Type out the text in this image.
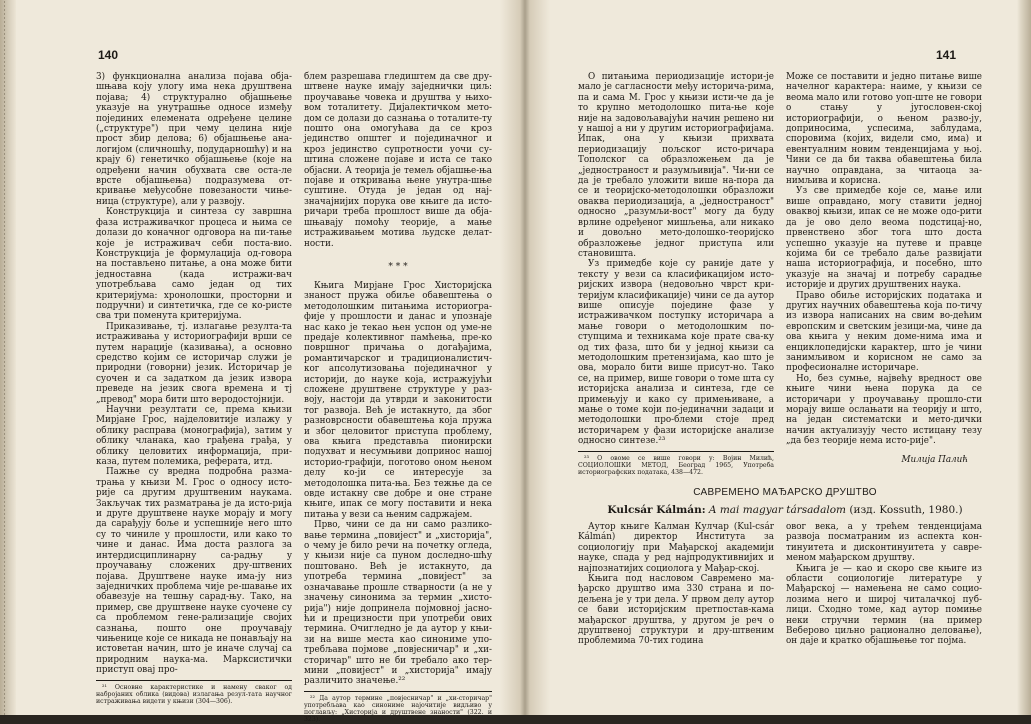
140

3) функционална анализа појава обја-шњава коју улогу има нека друштвена појава; 4) структурално објашњење указује на унутрашње односе између појединих елемената одређене целине („структуре") при чему целина није прост збир делова; 6) објашњење ана-логијом (сличношћу, подударношћу) и на крају 6) генетичко објашњење (које на одређени начин обухвата све оста-ле врсте објашњења) подразумева от-кривање међусобне повезаности чиње-ница (структуре), али у развоју.

Конструкција и синтеза су завршна фаза истраживачког процеса и њима се долази до коначног одговора на пи-тање које је истраживач себи поста-вио. Конструкција је формулација од-говора на постављено питање, а она може бити једноставна (када истражи-вач употребљава само један од тих критеријума: хронолошки, просторни и подручни) и синтетичка, где се ко-ристе сва три поменута критеријума.

Приказивање, тј. излагање резулта-та истраживања у историографији врши се путем нарације (казивања), а основно средство којим се историчар служи је природни (говорни) језик. Историчар је суочен и са задатком да језик извора преведе на језик свога времена и тј „превод" мора бити што веродостојнији.

Научни резултати се, према књизи Мирјане Грос, најделовитије излажу у облику расправа (монографија), затим у облику чланака, као грађена грађа, у облику целовитих информација, при-каза, путем полемика, реферата, итд.

Пажње су вредна подробна разма-трања у књизи М. Грос о односу исто-рије са другим друштвеним наукама. Закључак тих разматрања је да исто-рија и друге друштвене науке морају и могу да сарађују боље и успешније него што су то чиниле у прошлости, или како то чине и данас. Има доста разлога за интердисциплинарну са-радњу у проучавању сложених дру-штвених појава. Друштвене науке има-ју низ заједничких проблема чије ре-шавање их обавезује на тешњу сарад-њу. Тако, на пример, све друштвене науке суочене су са проблемом гене-рализације својих сазнања, пошто оне проучавају чињенице које се никада не понављају на истоветан начин, што је иначе случај са природним наука-ма. Марксистички приступ овај про-

²¹ Основне карактеристике и намену сваког од набројаних облика (видова) излагања резул-тата научног истраживања видети у књизи (304—306).

блем разрешава гледиштем да све дру-штвене науке имају заједнички циљ: проучавање човека и друштва у њихо-вом тоталитету. Дијалектичком мето-дом се долази до сазнања о тоталите-ту пошто она омогућава да се кроз јединство општег и појединачног и кроз јединство супротности уочи су-штина сложене појаве и иста се тако објасни. А теорија је темељ објашње-ња појаве и откривања њене унутра-шње суштине. Отуда је један од нај-значајнијих порука ове књиге да исто-ричари треба прошлост више да обја-шњавају помоћу теорије, а мање истраживањем мотива људске делат-ности.

* * *

Књига Мирјане Грос Хисторијска знаност пружа обиље обавештења о методолошким питањима историогра-фије у прошлости и данас и упознаје нас како је текао њен успон од уме-не предаје колективног памћења, пре-ко површног причања о догађајима, романтичарског и традиционалистич-ког апсолутизовања појединачног у историји, до науке која, истражујући сложене друштвене структуре у раз-воју, настоји да утврди и законитости тог развоја. Већ је истакнуто, да због разноврсности обавештења која пружа и због целовитог приступа проблему, ова књига представља пионирски подухват и несумњиви допринос нашој историо-графији, поготово оном њеном делу ко-ји се интересује за методолошка пита-ња. Без тежње да се овде истакну све добре и оне стране књиге, ипак се могу поставити и нека питања у вези са њеним садржајем.

Прво, чини се да ни само разлико-вање термина „повијест" и „хисторија", о чему је било речи на почетку огледа, у књизи није са пуном доследно-шћу поштовано. Већ је истакнуто, да употреба термина „повијест" за означавање прошле стварности (а не у значењу синонима за термин „хисто-рија") није допринела појмовној јасно-ћи и прецизности при употреби ових термина. Очигледно је да аутор у књи-зи на више места као синониме упо-требљава појмове „повјесничар" и „хи-сторичар" што не би требало ако тер-мини „повијест" и „хисторија" имају различито значење.²²

²² Да аутор термине „повјесничар" и „хи-сторичар" употребљава као синониме најочитије видљиво у поглављу: „Хисторија и друштвене знаности" (322. и 323).

141

О питањима периодизације истори-је мало је сагласности међу историча-рима, па и сама М. Грос у књизи исти-че да је то крупно методолошко пита-ње које није на задовољавајући начин решено ни у нашој а ни у другим историографијама. Ипак, она у књизи прихвата периодизацију пољског исто-ричара Тополског са образложењем да је „једностраност и разумљивија". Чи-ни се да је требало уложити више на-пора да се и теоријско-методолошки образложи оваква периодизација, а „једностраност" односно „разумљи-вост" могу да буду врлине одређеног мишљења, али никако и довољно мето-долошко-теоријско образложење једног приступа или становишта.

Уз примедбе које су раније дате у тексту у вези са класификацијом исто-ријских извора (недовољно чврст кри-теријум класификације) чини се да аутор више описује поједине фазе у истраживачком поступку историчара а мање говори о методолошким по-ступцима и техникама које прате сва-ку од тих фаза, што би у једној књизи са методолошким претензијама, као што је ова, морало бити више присут-но. Тако се, на пример, више говори о томе шта су историјска анализа и синтеза, где се примењују и како су примењиване, а мање о томе који по-јединачни задаци и методолошки про-блеми стоје пред историчарем у фази историјске анализе односно синтезе.²³

²³ О овоме се више говори у: Војин Милић, СОЦИОЛОШКИ МЕТОД, Београд 1965, Употреба историографских података, 438—472.

Може се поставити и једно питање више начелног карактера: наиме, у књизи се веома мало или готово уоп-ште не говори о стању у југословен-ској историографији, о њеном разво-ју, доприносима, успесима, заблудама, споровима (којих, видели смо, има) и евентуалним новим тенденцијама у њој. Чини се да би таква обавештења била научно оправдана, за читаоца за-нимљива и корисна.

Уз све примедбе које се, мање или више оправдано, могу ставити једној оваквој књизи, ипак се не може одо-рити да је ово дело веома подстицај-но, првенствено због тога што доста успешно указује на путеве и правце којима би се требало даље развијати наша историографија, и посебно, што указује на значај и потребу сарадње историје и других друштвених наука.

Право обиље историјских података и других научних обавештења која по-тичу из извора написаних на свим во-дећим европским и светским језици-ма, чине да ова књига у неким доме-нима има и енциклопедијски карактер, што је чини занимљивом и корисном не само за професионалне историчаре.

Но, без сумње, највећу вредност ове књиге чини њена порука да се историчари у проучавању прошло-сти морају више ослањати на теорију и што, на један систематски и мето-дички начин актуализују често истицану тезу „да без теорије нема исто-рије".

Милија Палић
САВРЕМЕНО МАЂАРСКО ДРУШТВО
Kulcsár Kálmán: A mai magyar társadalom (изд. Kossuth, 1980.)

Аутор књиге Калман Кулчар (Kul-csár Kálmán) директор Института за социологију при Мађарској академији науке, спада у ред најпродуктивнијих и најпознатијих социолога у Мађар-ској.

Књига под насловом Савремено ма-ђарско друштво има 330 страна и по-дељена је у три дела. У првом делу аутор се бави историјским претпостав-кама мађарског друштва, у другом је реч о друштвеној структури и дру-штвеним проблемима 70-тих година

овог века, а у трећем тенденцијама развоја посматраним из аспекта кон-тинуитета и дисконтинуитета у савре-меном мађарском друштву.

Књига је — као и скоро све књиге из области социологије литературе у Мађарској — намењена не само социо-лозима него и широј читалачкој пуб-лици. Сходно томе, кад аутор помиње неки стручни термин (на пример Веберово циљно рационално деловање), он даје и кратко објашњење тог појма.
